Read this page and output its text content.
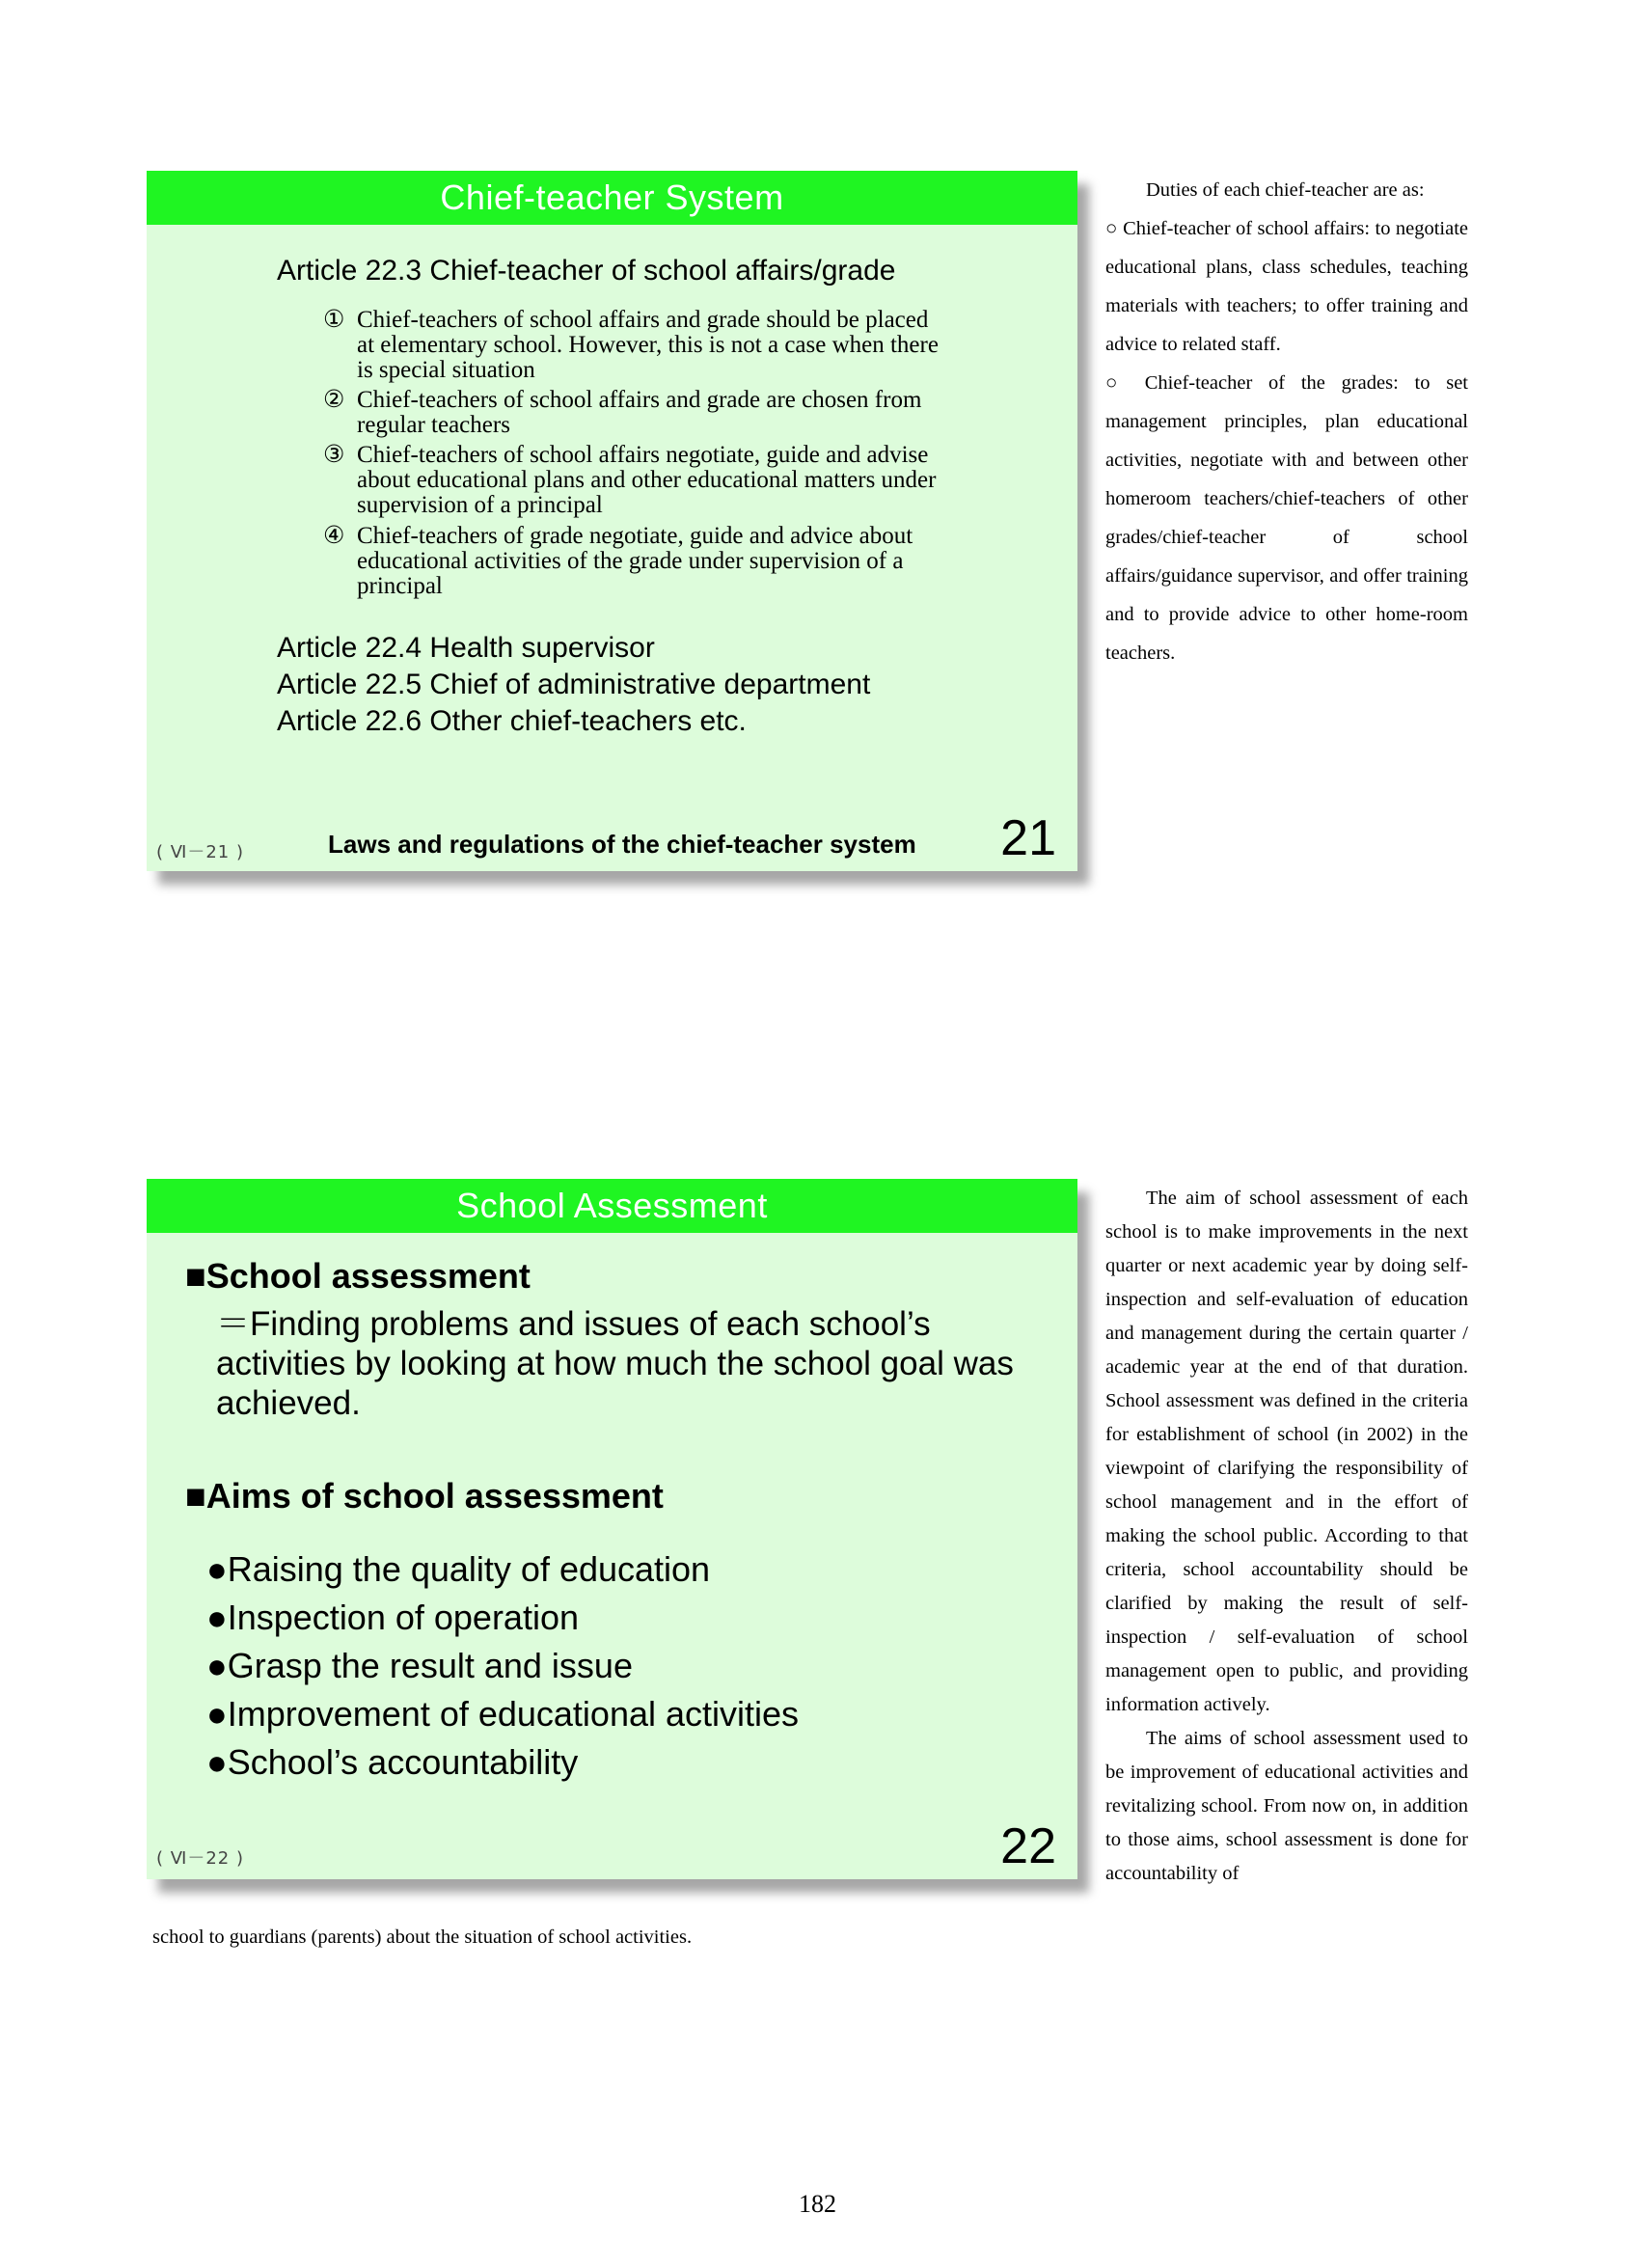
Chief-teacher System
Article 22.3 Chief-teacher of school affairs/grade
① Chief-teachers of school affairs and grade should be placed
at elementary school. However, this is not a case when there
is special situation
② Chief-teachers of school affairs and grade are chosen from
regular teachers
③ Chief-teachers of school affairs negotiate, guide and advise
about educational plans and other educational matters under
supervision of a principal
④ Chief-teachers of grade negotiate, guide and advice about
educational activities of the grade under supervision of a
principal
Article 22.4 Health supervisor
Article 22.5 Chief of administrative department
Article 22.6 Other chief-teachers etc.
( Ⅵ－21 )	Laws and regulations of the chief-teacher system 21

Duties of each chief-teacher are as:

○ Chief-teacher of school affairs: to negotiate educational plans, class schedules, teaching materials with teachers; to offer training and advice to related staff.

○ Chief-teacher of the grades: to set management principles, plan educational activities, negotiate with and between other homeroom teachers/chief-teachers of other grades/chief-teacher of school affairs/guidance supervisor, and offer training and to provide advice to other home-room teachers.

School Assessment
■School assessment
＝Finding problems and issues of each school’s activities by looking at how much the school goal was achieved.
■Aims of school assessment
●Raising the quality of education
●Inspection of operation
●Grasp the result and issue
●Improvement of educational activities
●School’s accountability
( Ⅵ－22 )	22

The aim of school assessment of each school is to make improvements in the next quarter or next academic year by doing self-inspection and self-evaluation of education and management during the certain quarter / academic year at the end of that duration. School assessment was defined in the criteria for establishment of school (in 2002) in the viewpoint of clarifying the responsibility of school management and in the effort of making the school public. According to that criteria, school accountability should be clarified by making the result of self-inspection / self-evaluation of school management open to public, and providing information actively.

The aims of school assessment used to be improvement of educational activities and revitalizing school. From now on, in addition to those aims, school assessment is done for accountability of

school to guardians (parents) about the situation of school activities.
182
